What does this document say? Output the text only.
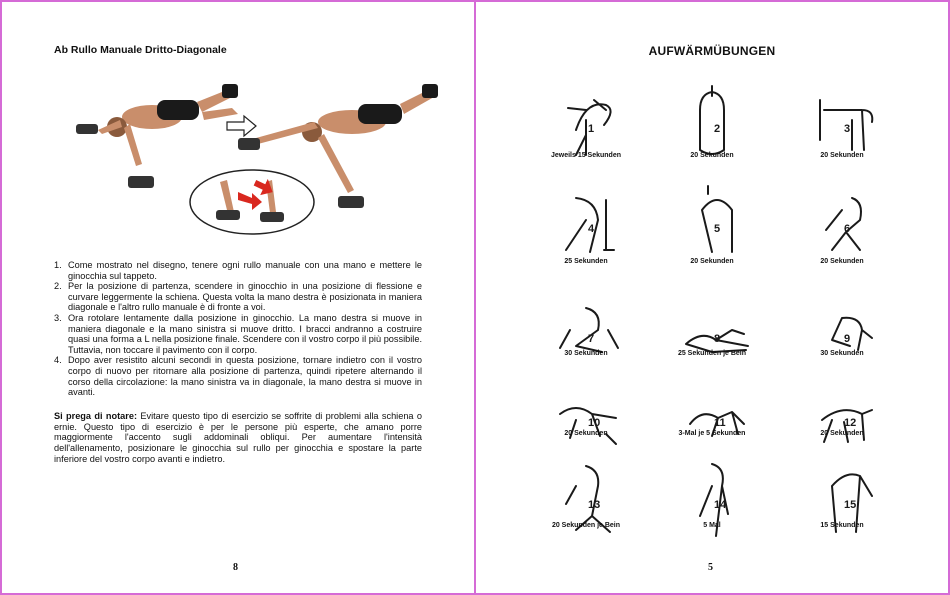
Ab Rullo Manuale Dritto-Diagonale
1. Come mostrato nel disegno, tenere ogni rullo manuale con una mano e mettere le ginocchia sul tappeto.
2. Per la posizione di partenza, scendere in ginocchio in una posizione di flessione e curvare leggermente la schiena. Questa volta la mano destra è posizionata in maniera diagonale e l'altro rullo manuale è di fronte a voi.
3. Ora rotolare lentamente dalla posizione in ginocchio. La mano destra si muove in maniera diagonale e la mano sinistra si muove dritto. I bracci andranno a costruire quasi una forma a L nella posizione finale. Scendere con il vostro corpo il più possibile. Tuttavia, non toccare il pavimento con il corpo.
4. Dopo aver resistito alcuni secondi in questa posizione, tornare indietro con il vostro corpo di nuovo per ritornare alla posizione di partenza, quindi ripetere alternando il corso della circolazione: la mano sinistra va in diagonale, la mano destra si muove in avanti.

Si prega di notare: Evitare questo tipo di esercizio se soffrite di problemi alla schiena o ernie. Questo tipo di esercizio è per le persone più esperte, che amano porre maggiormente l'accento sugli addominali obliqui. Per aumentare l'intensità dell'allenamento, posizionare le ginocchia sul rullo per ginocchia e spostare la parte inferiore del vostro corpo avanti e indietro.

8
AUFWÄRMÜBUNGEN
1
Jeweils 15 Sekunden
2
20 Sekunden
3
20 Sekunden
4
25 Sekunden
5
20 Sekunden
6
20 Sekunden
7
30 Sekunden
8
25 Sekunden je Bein
9
30 Sekunden
10
20 Sekunden
11
3-Mal je 5 Sekunden
12
20 Sekunden
13
20 Sekunden je Bein
14
5 Mal
15
15 Sekunden
5
